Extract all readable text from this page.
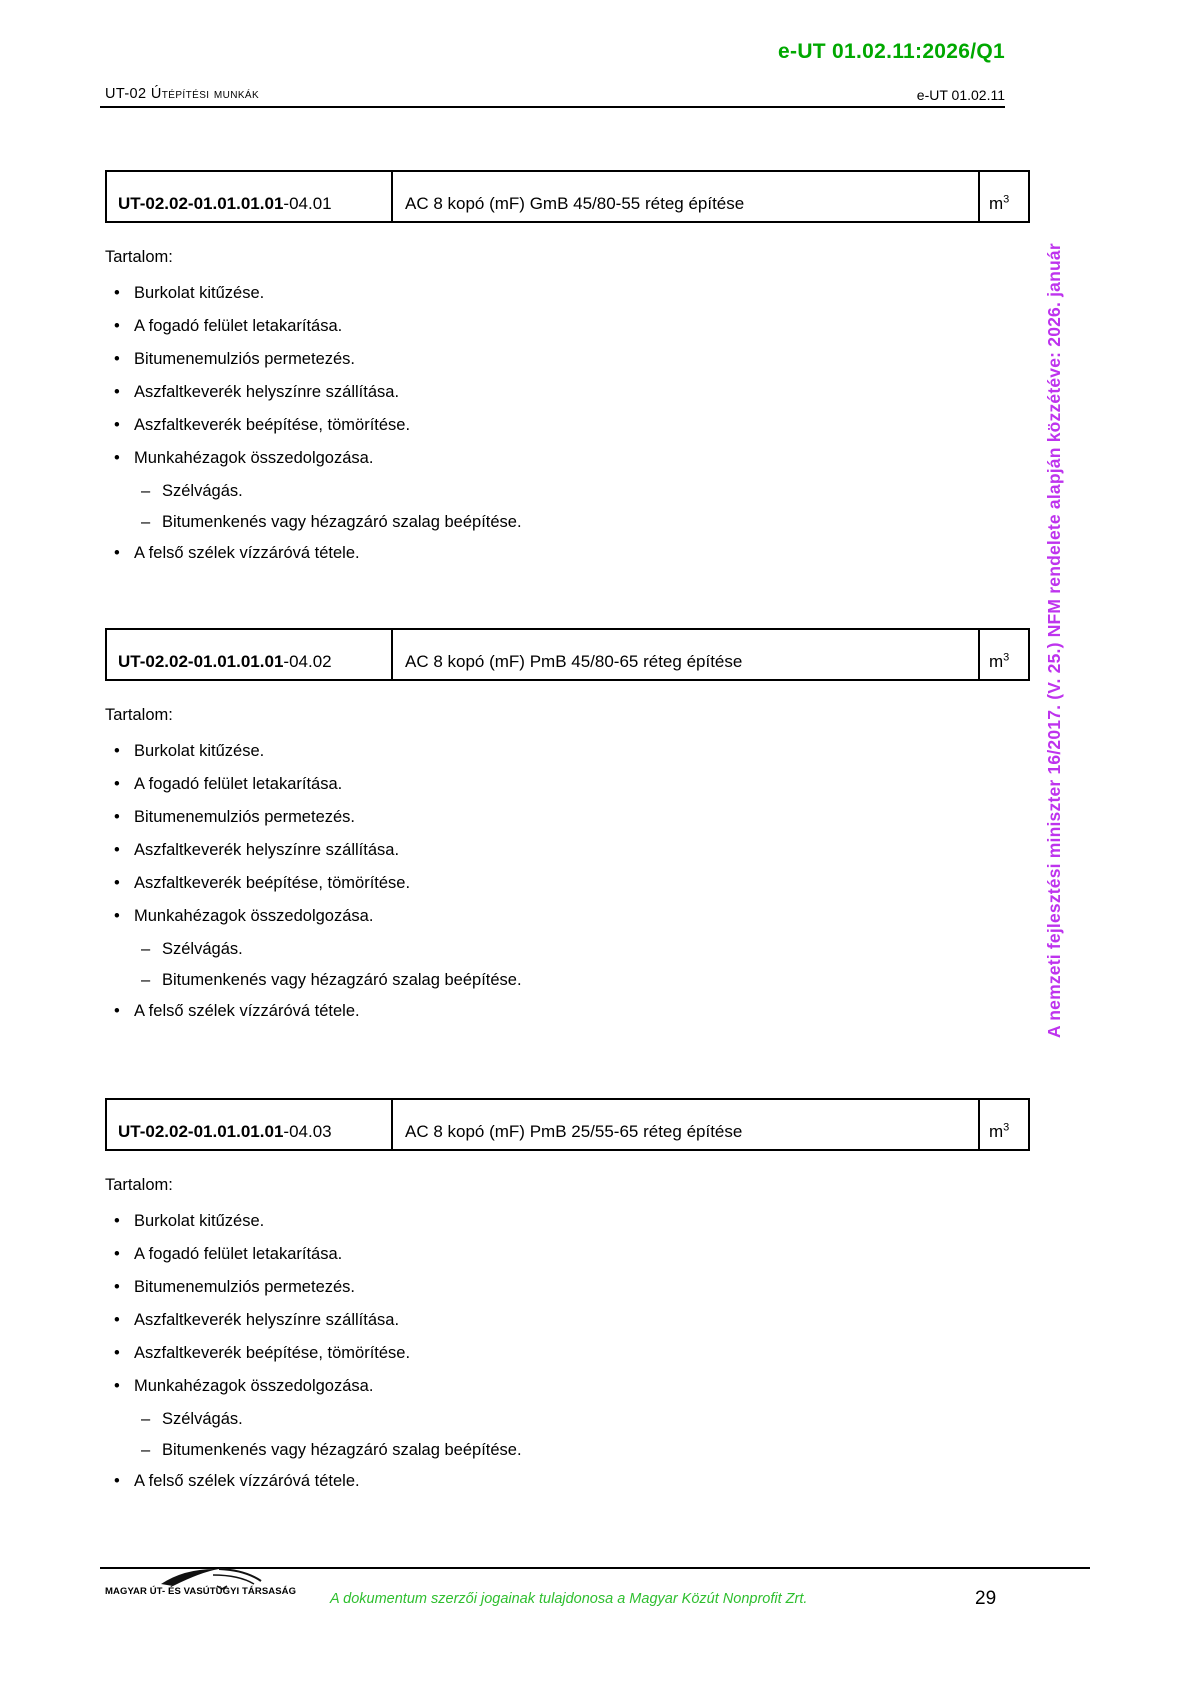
e-UT 01.02.11:2026/Q1
UT-02 Útépítési munkák	e-UT 01.02.11
UT-02.02-01.01.01.01-04.01	AC 8 kopó (mF) GmB 45/80-55 réteg építése	$m^3$

Tartalom:

• Burkolat kitűzése.
• A fogadó felület letakarítása.
• Bitumenemulziós permetezés.
• Aszfaltkeverék helyszínre szállítása.
• Aszfaltkeverék beépítése, tömörítése.
• Munkahézagok összedolgozása.
– Szélvágás.
– Bitumenkenés vagy hézagzáró szalag beépítése.
• A felső szélek vízzáróvá tétele.
UT-02.02-01.01.01.01-04.02	AC 8 kopó (mF) PmB 45/80-65 réteg építése	$m^3$

Tartalom:

• Burkolat kitűzése.
• A fogadó felület letakarítása.
• Bitumenemulziós permetezés.
• Aszfaltkeverék helyszínre szállítása.
• Aszfaltkeverék beépítése, tömörítése.
• Munkahézagok összedolgozása.
– Szélvágás.
– Bitumenkenés vagy hézagzáró szalag beépítése.
• A felső szélek vízzáróvá tétele.
UT-02.02-01.01.01.01-04.03	AC 8 kopó (mF) PmB 25/55-65 réteg építése	$m^3$

Tartalom:

• Burkolat kitűzése.
• A fogadó felület letakarítása.
• Bitumenemulziós permetezés.
• Aszfaltkeverék helyszínre szállítása.
• Aszfaltkeverék beépítése, tömörítése.
• Munkahézagok összedolgozása.
– Szélvágás.
– Bitumenkenés vagy hézagzáró szalag beépítése.
• A felső szélek vízzáróvá tétele.
A nemzeti fejlesztési miniszter 16/2017. (V. 25.) NFM rendelete alapján közzétéve: 2026. január
MAGYAR ÚT- ÉS VASÚTÜGYI TÁRSASÁG	A dokumentum szerzői jogainak tulajdonosa a Magyar Közút Nonprofit Zrt.	29
